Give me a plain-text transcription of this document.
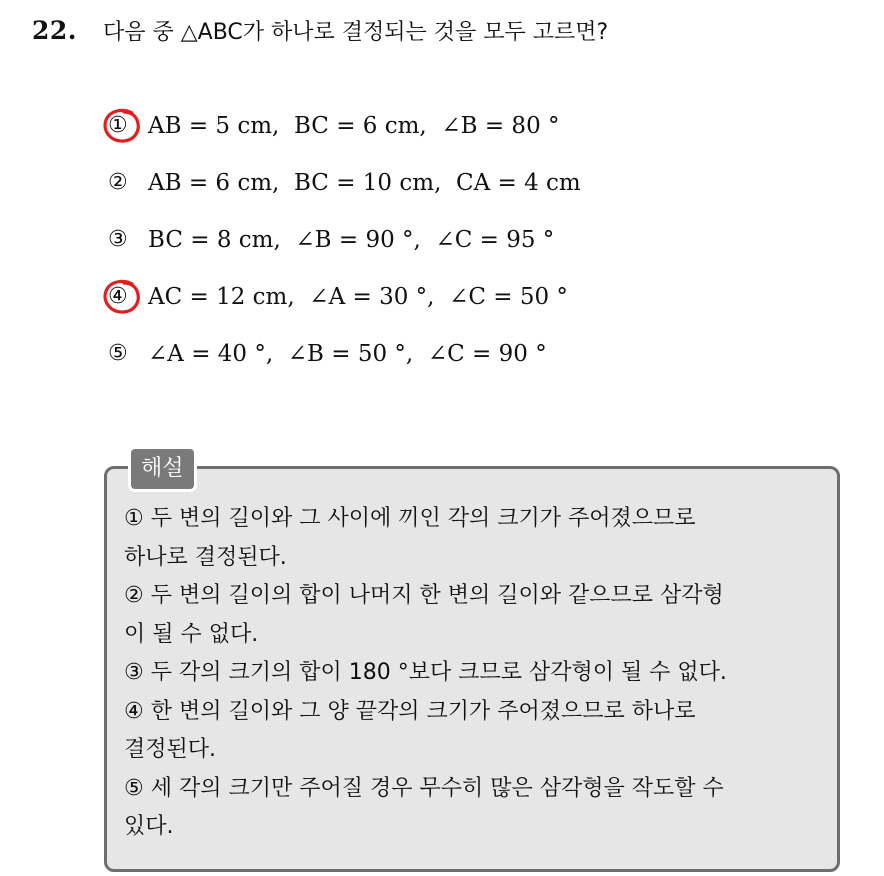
22. 다음 중 △ABC가 하나로 결정되는 것을 모두 고르면?
① AB = 5 cm,  BC = 6 cm,  ∠B = 80 °
② AB = 6 cm,  BC = 10 cm,  CA = 4 cm
③ BC = 8 cm,  ∠B = 90 °,  ∠C = 95 °
④ AC = 12 cm,  ∠A = 30 °,  ∠C = 50 °
⑤ ∠A = 40 °,  ∠B = 50 °,  ∠C = 90 °
해설
① 두 변의 길이와 그 사이에 끼인 각의 크기가 주어졌으므로
하나로 결정된다.
② 두 변의 길이의 합이 나머지 한 변의 길이와 같으므로 삼각형
이 될 수 없다.
③ 두 각의 크기의 합이 180 °보다 크므로 삼각형이 될 수 없다.
④ 한 변의 길이와 그 양 끝각의 크기가 주어졌으므로 하나로
결정된다.
⑤ 세 각의 크기만 주어질 경우 무수히 많은 삼각형을 작도할 수
있다.
